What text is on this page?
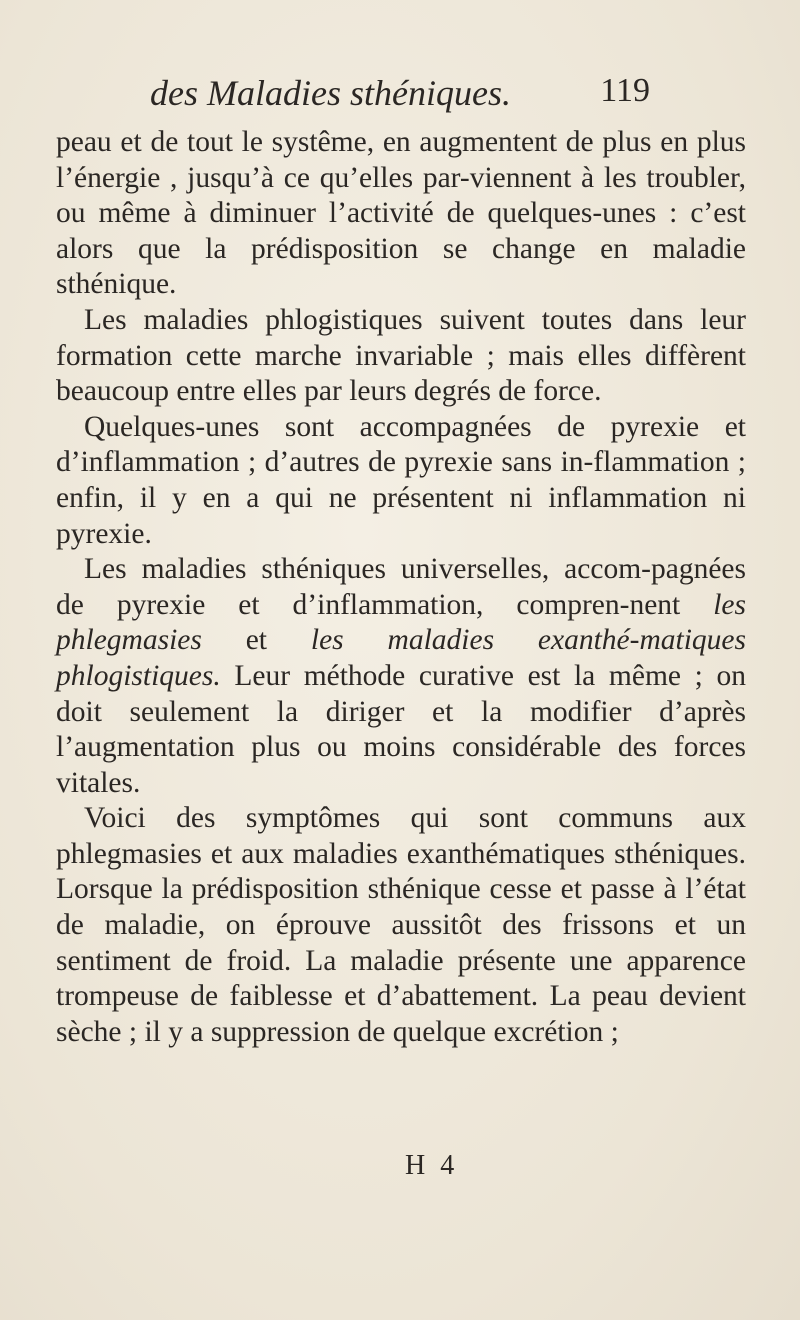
des Maladies sthéniques.	119

peau et de tout le systême, en augmentent de plus en plus l’énergie , jusqu’à ce qu’elles par-viennent à les troubler, ou même à diminuer l’activité de quelques-unes : c’est alors que la prédisposition se change en maladie sthénique.

Les maladies phlogistiques suivent toutes dans leur formation cette marche invariable ; mais elles diffèrent beaucoup entre elles par leurs degrés de force.

Quelques-unes sont accompagnées de pyrexie et d’inflammation ; d’autres de pyrexie sans in-flammation ; enfin, il y en a qui ne présentent ni inflammation ni pyrexie.

Les maladies sthéniques universelles, accom-pagnées de pyrexie et d’inflammation, compren-nent les phlegmasies et les maladies exanthé-matiques phlogistiques. Leur méthode curative est la même ; on doit seulement la diriger et la modifier d’après l’augmentation plus ou moins considérable des forces vitales.

Voici des symptômes qui sont communs aux phlegmasies et aux maladies exanthématiques sthéniques. Lorsque la prédisposition sthénique cesse et passe à l’état de maladie, on éprouve aussitôt des frissons et un sentiment de froid. La maladie présente une apparence trompeuse de faiblesse et d’abattement. La peau devient sèche ; il y a suppression de quelque excrétion ;

H 4
